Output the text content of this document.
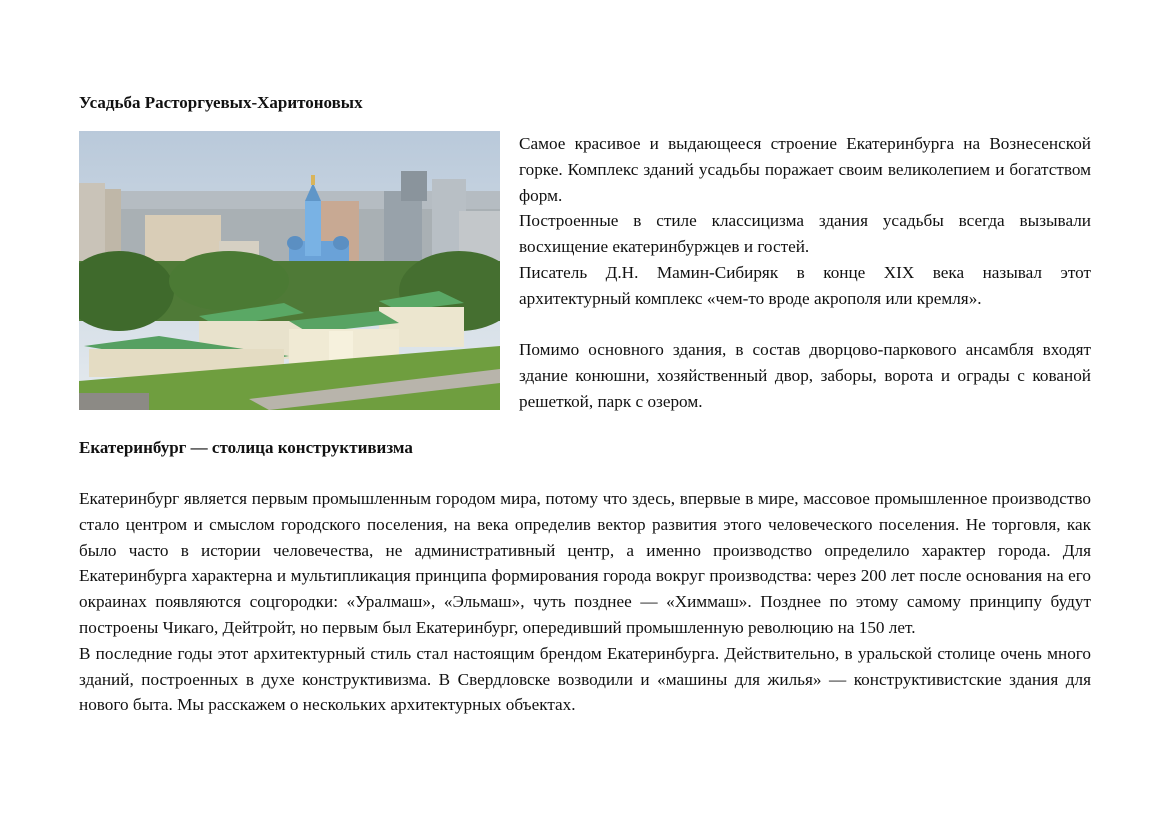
Усадьба Расторгуевых-Харитоновых

Самое красивое и выдающееся строение Екатеринбурга на Вознесенской горке. Комплекс зданий усадьбы поражает своим великолепием и богатством форм.

Построенные в стиле классицизма здания усадьбы всегда вызывали восхищение екатеринбуржцев и гостей.

Писатель Д.Н. Мамин-Сибиряк в конце XIX века называл этот архитектурный комплекс «чем-то вроде акрополя или кремля».

Помимо основного здания, в состав дворцово-паркового ансамбля входят здание конюшни, хозяйственный двор, заборы, ворота и ограды с кованой решеткой, парк с озером.

Екатеринбург — столица конструктивизма

Екатеринбург является первым промышленным городом мира, потому что здесь, впервые в мире, массовое промышленное производство стало центром и смыслом городского поселения, на века определив вектор развития этого человеческого поселения. Не торговля, как было часто в истории человечества, не административный центр, а именно производство определило характер города. Для Екатеринбурга характерна и мультипликация принципа формирования города вокруг производства: через 200 лет после основания на его окраинах появляются соцгородки: «Уралмаш», «Эльмаш», чуть позднее — «Химмаш». Позднее по этому самому принципу будут построены Чикаго, Дейтройт, но первым был Екатеринбург, опередивший промышленную революцию на 150 лет.

В последние годы этот архитектурный стиль стал настоящим брендом Екатеринбурга. Действительно, в уральской столице очень много зданий, построенных в духе конструктивизма. В Свердловске возводили и «машины для жилья» — конструктивистские здания для нового быта. Мы расскажем о нескольких архитектурных объектах.
